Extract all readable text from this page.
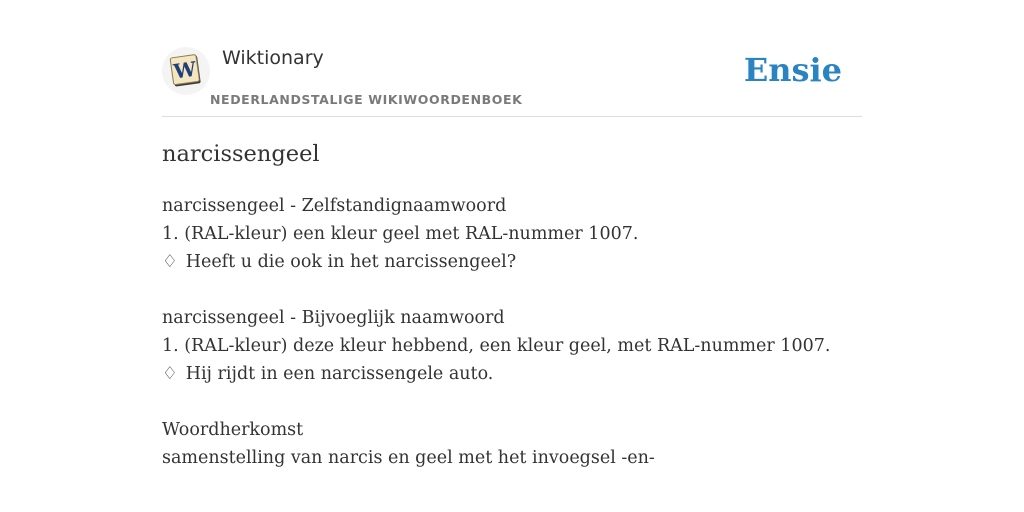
W Wiktionary
NEDERLANDSTALIGE WIKIWOORDENBOEK
Ensie
narcissengeel
narcissengeel - Zelfstandignaamwoord
1. (RAL-kleur) een kleur geel met RAL-nummer 1007.
♢ Heeft u die ook in het narcissengeel?
narcissengeel - Bijvoeglijk naamwoord
1. (RAL-kleur) deze kleur hebbend, een kleur geel, met RAL-nummer 1007.
♢ Hij rijdt in een narcissengele auto.
Woordherkomst
samenstelling van narcis en geel met het invoegsel -en-
